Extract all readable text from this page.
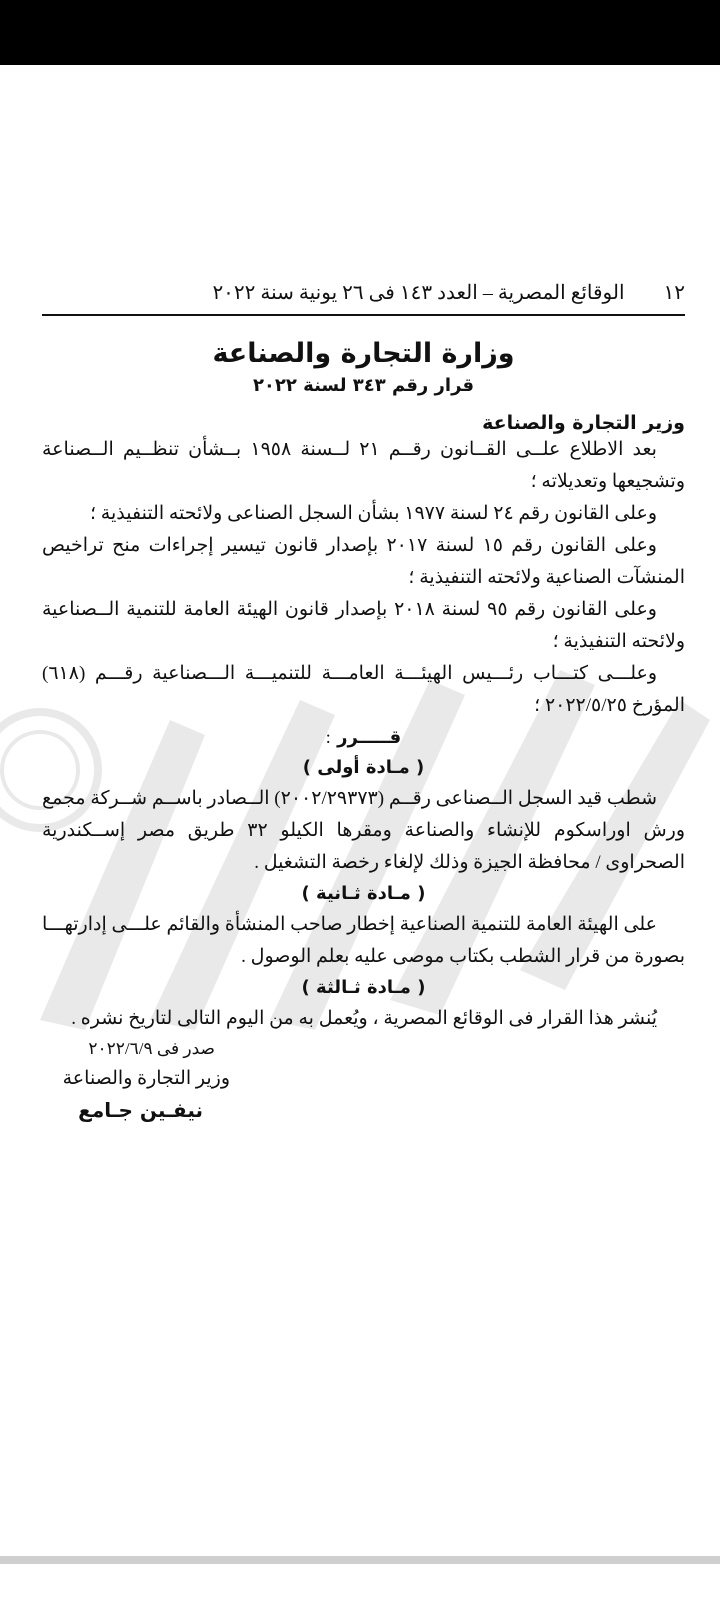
١٢
الوقائع المصرية – العدد ١٤٣ فى ٢٦ يونية سنة ٢٠٢٢
وزارة التجارة والصناعة
قرار رقم ٣٤٣ لسنة ٢٠٢٢
وزير التجارة والصناعة

بعد الاطلاع علــى القــانون رقــم ٢١ لــسنة ١٩٥٨ بــشأن تنظــيم الــصناعة وتشجيعها وتعديلاته ؛

وعلى القانون رقم ٢٤ لسنة ١٩٧٧ بشأن السجل الصناعى ولائحته التنفيذية ؛

وعلى القانون رقم ١٥ لسنة ٢٠١٧ بإصدار قانون تيسير إجراءات منح تراخيص المنشآت الصناعية ولائحته التنفيذية ؛

وعلى القانون رقم ٩٥ لسنة ٢٠١٨ بإصدار قانون الهيئة العامة للتنمية الــصناعية ولائحته التنفيذية ؛

وعلـــى كتـــاب رئـــيس الهيئـــة العامـــة للتنميـــة الـــصناعية رقـــم (٦١٨) المؤرخ ٢٠٢٢/٥/٢٥ ؛

قـــــرر :
( مـادة أولى )

شطب قيد السجل الــصناعى رقــم (٢٠٠٢/٢٩٣٧٣) الــصادر باســم شــركة مجمع ورش اوراسكوم للإنشاء والصناعة ومقرها الكيلو ٣٢ طريق مصر إســكندرية الصحراوى / محافظة الجيزة وذلك لإلغاء رخصة التشغيل .

( مـادة ثـانية )

على الهيئة العامة للتنمية الصناعية إخطار صاحب المنشأة والقائم علـــى إدارتهـــا بصورة من قرار الشطب بكتاب موصى عليه بعلم الوصول .

( مـادة ثـالثة )

يُنشر هذا القرار فى الوقائع المصرية ، ويُعمل به من اليوم التالى لتاريخ نشره .

صدر فى ٢٠٢٢/٦/٩
وزير التجارة والصناعة
نيفـين جـامع
